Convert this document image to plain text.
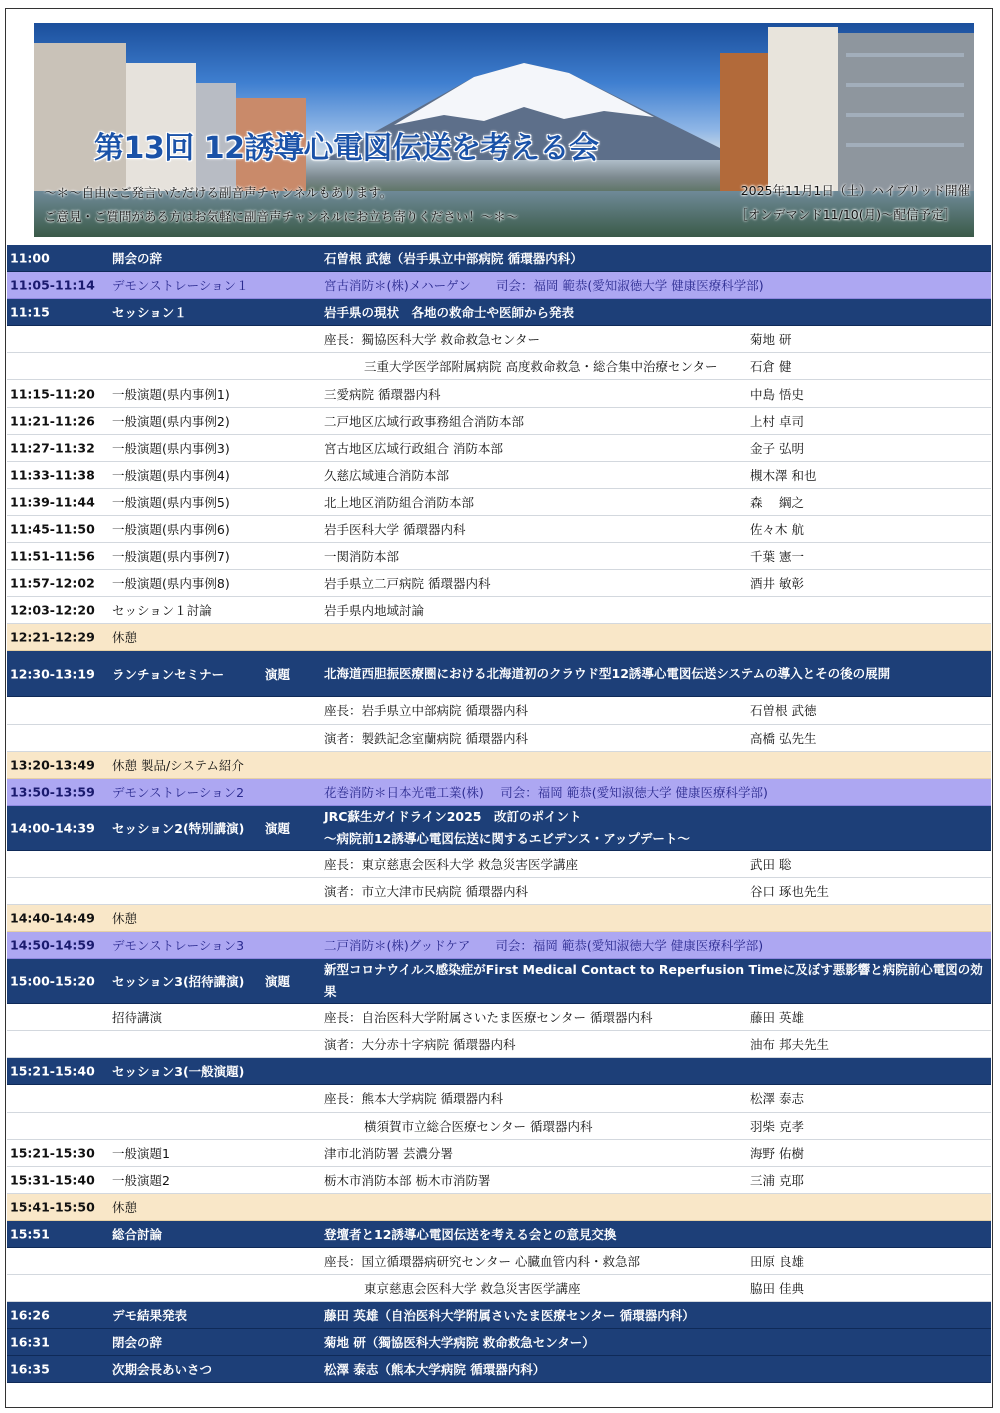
第13回 12誘導心電図伝送を考える会
～＊～自由にご発言いただける副音声チャンネルもあります。
ご意見・ご質問がある方はお気軽に副音声チャンネルにお立ち寄りください！～＊～
2025年11月1日（土）ハイブリッド開催
［オンデマンド11/10(月)～配信予定］
11:00	開会の辞	石曽根 武徳（岩手県立中部病院 循環器内科）
11:05-11:14 デモンストレーション１	宮古消防＊(株)メハーゲン　　司会：福岡 範恭(愛知淑徳大学 健康医療科学部)
11:15	セッション１	岩手県の現状　各地の救命士や医師から発表
座長：獨協医科大学 救命救急センター	菊地 研
三重大学医学部附属病院 高度救命救急・総合集中治療センター	石倉 健
11:15-11:20 一般演題(県内事例1)	三愛病院 循環器内科	中島 悟史
11:21-11:26 一般演題(県内事例2)	二戸地区広域行政事務組合消防本部	上村 卓司
11:27-11:32 一般演題(県内事例3)	宮古地区広域行政組合 消防本部	金子 弘明
11:33-11:38 一般演題(県内事例4)	久慈広域連合消防本部	槻木澤 和也
11:39-11:44 一般演題(県内事例5)	北上地区消防組合消防本部	森　 綱之
11:45-11:50 一般演題(県内事例6)	岩手医科大学 循環器内科	佐々木 航
11:51-11:56 一般演題(県内事例7)	一関消防本部	千葉 憲一
11:57-12:02 一般演題(県内事例8)	岩手県立二戸病院 循環器内科	酒井 敏彰
12:03-12:20 セッション１討論	岩手県内地域討論
12:21-12:29 休憩
12:30-13:19 ランチョンセミナー	演題	北海道西胆振医療圏における北海道初のクラウド型12誘導心電図伝送システムの導入とその後の展開
座長：岩手県立中部病院 循環器内科	石曽根 武徳
演者：製鉄記念室蘭病院 循環器内科	高橋 弘先生
13:20-13:49 休憩 製品/システム紹介
13:50-13:59 デモンストレーション2	花巻消防＊日本光電工業(株)　 司会：福岡 範恭(愛知淑徳大学 健康医療科学部)
14:00-14:39 セッション2(特別講演) 演題
JRC蘇生ガイドライン2025　改訂のポイント
～病院前12誘導心電図伝送に関するエビデンス・アップデート～
座長：東京慈恵会医科大学 救急災害医学講座	武田 聡
演者：市立大津市民病院 循環器内科	谷口 琢也先生
14:40-14:49 休憩
14:50-14:59 デモンストレーション3	二戸消防＊(株)グッドケア　　司会：福岡 範恭(愛知淑徳大学 健康医療科学部)
15:00-15:20 セッション3(招待講演) 演題
新型コロナウイルス感染症がFirst Medical Contact to Reperfusion Timeに及ぼす悪影響と病院前心電図の効果
招待講演	座長：自治医科大学附属さいたま医療センター 循環器内科	藤田 英雄
演者：大分赤十字病院 循環器内科	油布 邦夫先生
15:21-15:40 セッション3(一般演題)
座長：熊本大学病院 循環器内科	松澤 泰志
横須賀市立総合医療センター 循環器内科	羽柴 克孝
15:21-15:30 一般演題1	津市北消防署 芸濃分署	海野 佑樹
15:31-15:40 一般演題2	栃木市消防本部 栃木市消防署	三浦 克耶
15:41-15:50 休憩
15:51	総合討論	登壇者と12誘導心電図伝送を考える会との意見交換
座長：国立循環器病研究センター 心臓血管内科・救急部	田原 良雄
東京慈恵会医科大学 救急災害医学講座	脇田 佳典
16:26	デモ結果発表	藤田 英雄（自治医科大学附属さいたま医療センター 循環器内科）
16:31	閉会の辞	菊地 研（獨協医科大学病院 救命救急センター）
16:35	次期会長あいさつ	松澤 泰志（熊本大学病院 循環器内科）
